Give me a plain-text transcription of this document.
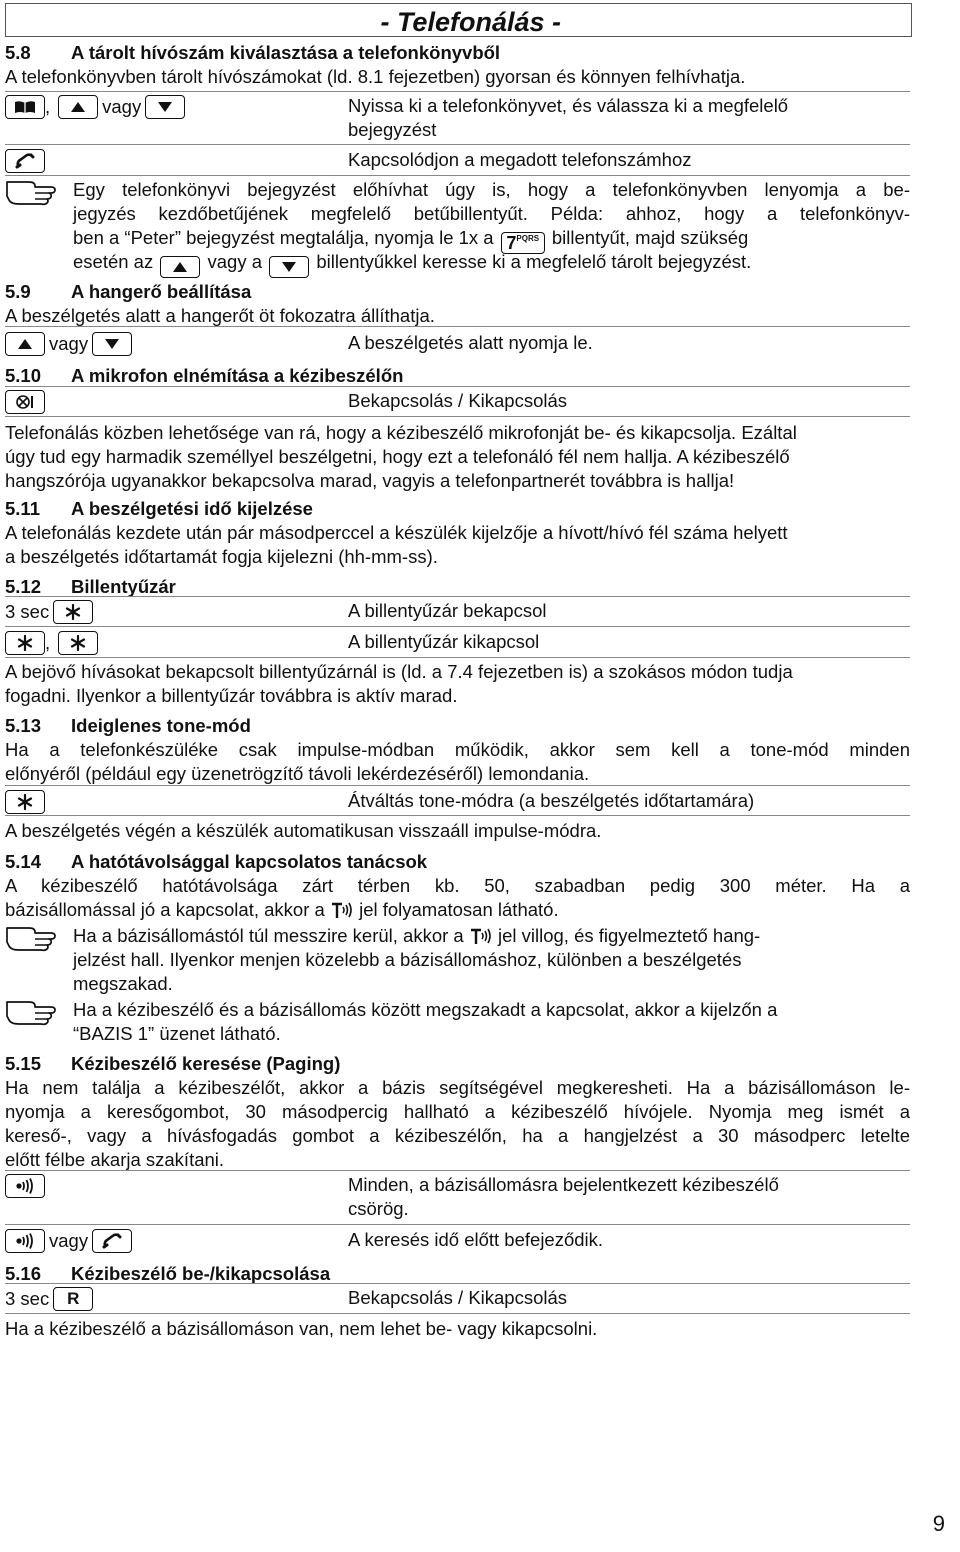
- Telefonálás -
5.8 A tárolt hívószám kiválasztása a telefonkönyvből
A telefonkönyvben tárolt hívószámokat (ld. 8.1 fejezetben) gyorsan és könnyen felhívhatja.
,	vagy	Nyissa ki a telefonkönyvet, és válassza ki a megfelelő
bejegyzést
Kapcsolódjon a megadott telefonszámhoz
Egy telefonkönyvi bejegyzést előhívhat úgy is, hogy a telefonkönyvben lenyomja a be-
jegyzés kezdőbetűjének megfelelő betűbillentyűt. Példa: ahhoz, hogy a telefonkönyv-
ben a “Peter” bejegyzést megtalálja, nyomja le 1x a 7 PQRS billentyűt, majd szükség
esetén az	vagy a	billentyűkkel keresse ki a megfelelő tárolt bejegyzést.
5.9 A hangerő beállítása
A beszélgetés alatt a hangerőt öt fokozatra állíthatja.
vagy	A beszélgetés alatt nyomja le.
5.10 A mikrofon elnémítása a kézibeszélőn
Bekapcsolás / Kikapcsolás
Telefonálás közben lehetősége van rá, hogy a kézibeszélő mikrofonját be- és kikapcsolja. Ezáltal
úgy tud egy harmadik személlyel beszélgetni, hogy ezt a telefonáló fél nem hallja. A kézibeszélő
hangszórója ugyanakkor bekapcsolva marad, vagyis a telefonpartnerét továbbra is hallja!
5.11 A beszélgetési idő kijelzése
A telefonálás kezdete után pár másodperccel a készülék kijelzője a hívott/hívó fél száma helyett
a beszélgetés időtartamát fogja kijelezni (hh-mm-ss).
5.12 Billentyűzár
3 sec	A billentyűzár bekapcsol
,	A billentyűzár kikapcsol
A bejövő hívásokat bekapcsolt billentyűzárnál is (ld. a 7.4 fejezetben is) a szokásos módon tudja
fogadni. Ilyenkor a billentyűzár továbbra is aktív marad.
5.13 Ideiglenes tone-mód
Ha a telefonkészüléke csak impulse-módban működik, akkor sem kell a tone-mód minden
előnyéről (például egy üzenetrögzítő távoli lekérdezéséről) lemondania.
Átváltás tone-módra (a beszélgetés időtartamára)
A beszélgetés végén a készülék automatikusan visszaáll impulse-módra.
5.14 A hatótávolsággal kapcsolatos tanácsok
A kézibeszélő hatótávolsága zárt térben kb. 50, szabadban pedig 300 méter. Ha a
bázisállomással jó a kapcsolat, akkor a jel folyamatosan látható.
Ha a bázisállomástól túl messzire kerül, akkor a jel villog, és figyelmeztető hang-
jelzést hall. Ilyenkor menjen közelebb a bázisállomáshoz, különben a beszélgetés
megszakad.
Ha a kézibeszélő és a bázisállomás között megszakadt a kapcsolat, akkor a kijelzőn a
“BAZIS 1” üzenet látható.
5.15 Kézibeszélő keresése (Paging)
Ha nem találja a kézibeszélőt, akkor a bázis segítségével megkeresheti. Ha a bázisállomáson le-
nyomja a keresőgombot, 30 másodpercig hallható a kézibeszélő hívójele. Nyomja meg ismét a
kereső-, vagy a hívásfogadás gombot a kézibeszélőn, ha a hangjelzést a 30 másodperc letelte
előtt félbe akarja szakítani.
Minden, a bázisállomásra bejelentkezett kézibeszélő
csörög.
vagy	A keresés idő előtt befejeződik.
5.16 Kézibeszélő be-/kikapcsolása
3 sec	R	Bekapcsolás / Kikapcsolás
Ha a kézibeszélő a bázisállomáson van, nem lehet be- vagy kikapcsolni.
9
